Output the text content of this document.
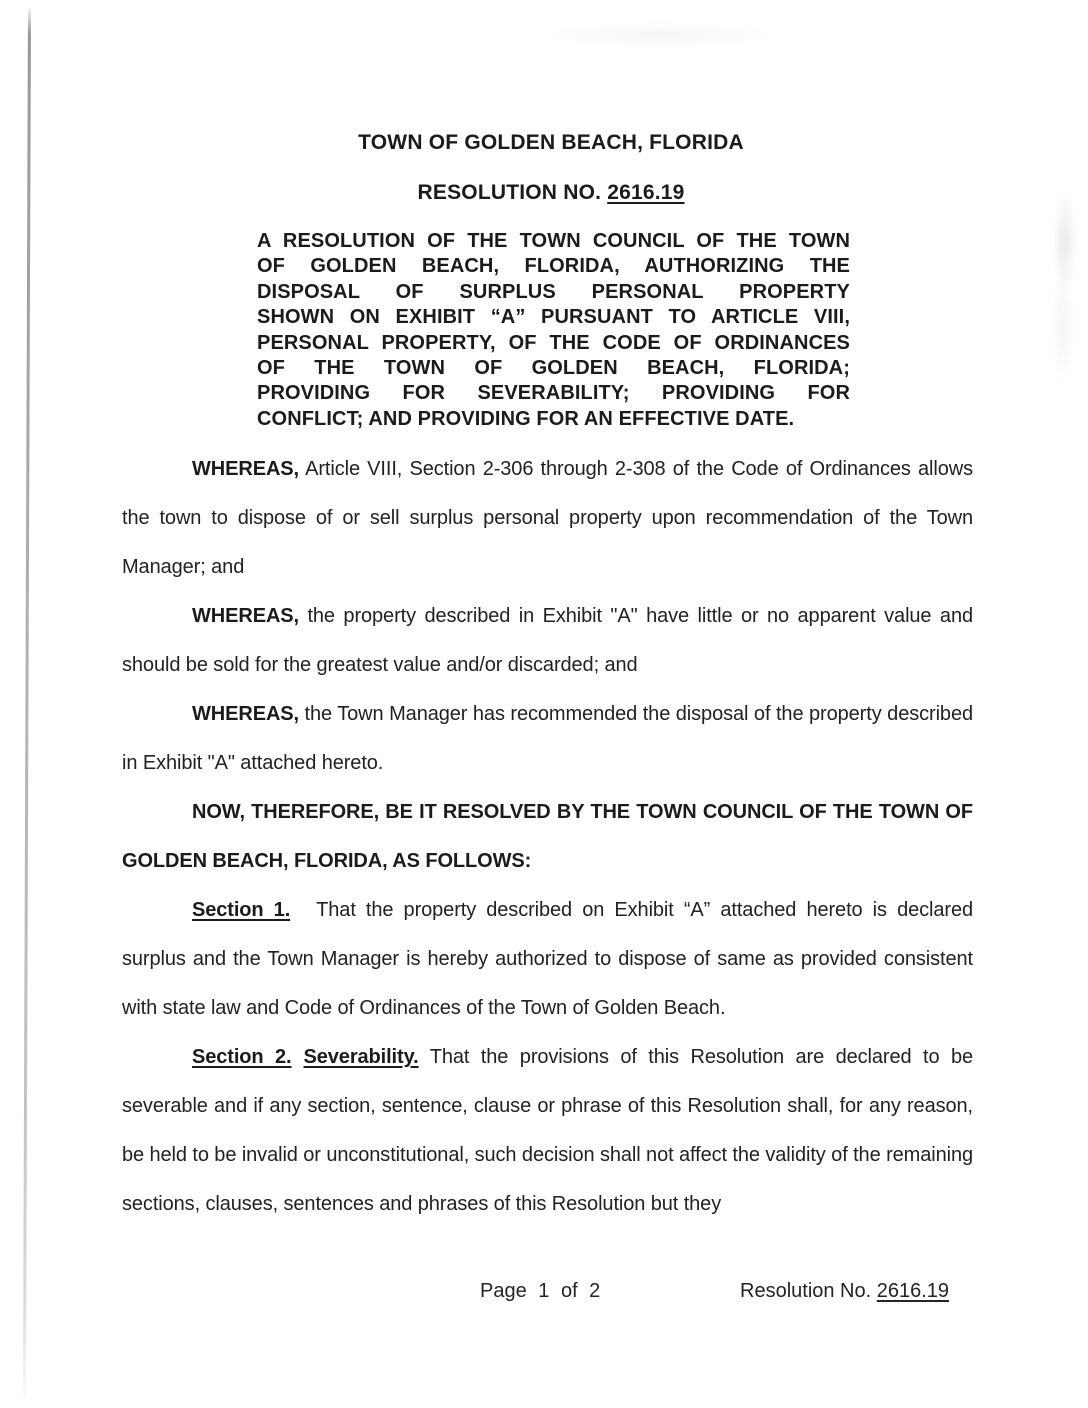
TOWN OF GOLDEN BEACH, FLORIDA
RESOLUTION NO. 2616.19
A RESOLUTION OF THE TOWN COUNCIL OF THE TOWN
OF GOLDEN BEACH, FLORIDA, AUTHORIZING THE
DISPOSAL OF SURPLUS PERSONAL PROPERTY
SHOWN ON EXHIBIT “A” PURSUANT TO ARTICLE VIII,
PERSONAL PROPERTY, OF THE CODE OF ORDINANCES
OF THE TOWN OF GOLDEN BEACH, FLORIDA;
PROVIDING FOR SEVERABILITY; PROVIDING FOR
CONFLICT; AND PROVIDING FOR AN EFFECTIVE DATE.

WHEREAS, Article VIII, Section 2-306 through 2-308 of the Code of Ordinances allows the town to dispose of or sell surplus personal property upon recommendation of the Town Manager; and

WHEREAS, the property described in Exhibit "A" have little or no apparent value and should be sold for the greatest value and/or discarded; and

WHEREAS, the Town Manager has recommended the disposal of the property described in Exhibit "A" attached hereto.

NOW, THEREFORE, BE IT RESOLVED BY THE TOWN COUNCIL OF THE TOWN OF GOLDEN BEACH, FLORIDA, AS FOLLOWS:

Section 1. That the property described on Exhibit “A” attached hereto is declared surplus and the Town Manager is hereby authorized to dispose of same as provided consistent with state law and Code of Ordinances of the Town of Golden Beach.

Section 2. Severability. That the provisions of this Resolution are declared to be severable and if any section, sentence, clause or phrase of this Resolution shall, for any reason, be held to be invalid or unconstitutional, such decision shall not affect the validity of the remaining sections, clauses, sentences and phrases of this Resolution but they

Page 1 of 2	Resolution No. 2616.19
